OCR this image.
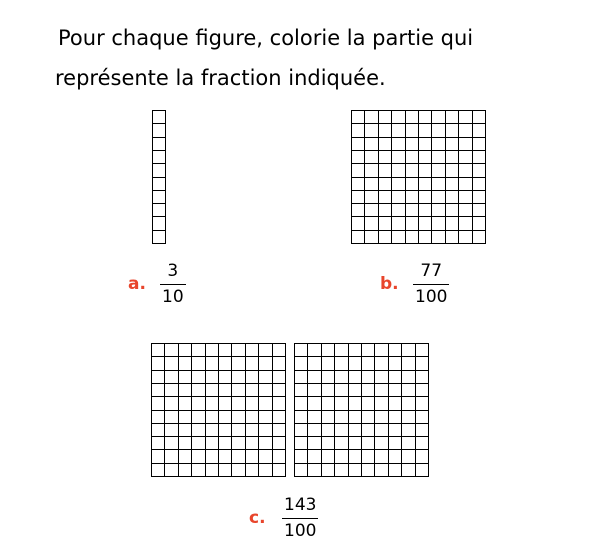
Pour chaque figure, colorie la partie qui
représente la fraction indiquée.
a.
3
10
b.
77
100
c.
143
100
